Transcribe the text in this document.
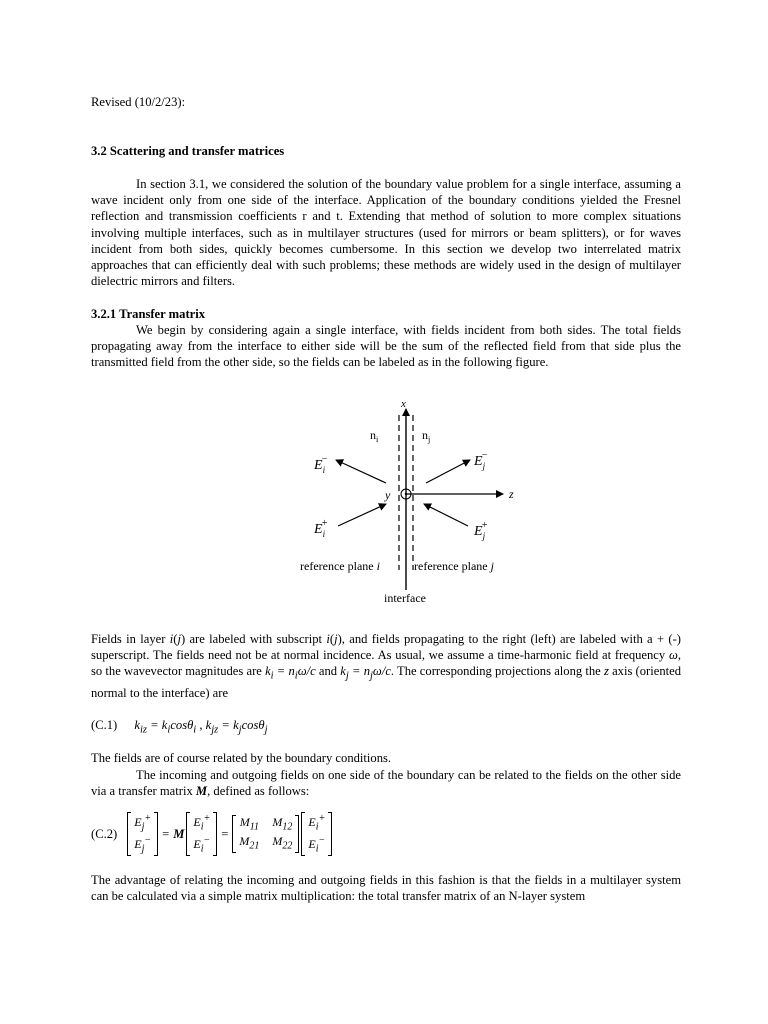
Revised (10/2/23):

3.2 Scattering and transfer matrices

In section 3.1, we considered the solution of the boundary value problem for a single interface, assuming a wave incident only from one side of the interface. Application of the boundary conditions yielded the Fresnel reflection and transmission coefficients r and t. Extending that method of solution to more complex situations involving multiple interfaces, such as in multilayer structures (used for mirrors or beam splitters), or for waves incident from both sides, quickly becomes cumbersome. In this section we develop two interrelated matrix approaches that can efficiently deal with such problems; these methods are widely used in the design of multilayer dielectric mirrors and filters.

3.2.1 Transfer matrix

We begin by considering again a single interface, with fields incident from both sides. The total fields propagating away from the interface to either side will be the sum of the reflected field from that side plus the transmitted field from the other side, so the fields can be labeled as in the following figure.

Fields in layer i(j) are labeled with subscript i(j), and fields propagating to the right (left) are labeled with a + (-) superscript. The fields need not be at normal incidence. As usual, we assume a time-harmonic field at frequency ω, so the wavevector magnitudes are $k_i = n_i\omega/c$ and $k_j = n_j\omega/c$. The corresponding projections along the z axis (oriented normal to the interface) are

(C.1) $k_{iz} = k_i\cos\theta_i$ , $k_{jz} = k_j\cos\theta_j$

The fields are of course related by the boundary conditions.

The incoming and outgoing fields on one side of the boundary can be related to the fields on the other side via a transfer matrix M, defined as follows:

(C.2)
$E_j^+$
$E_j^- = M$
$E_i^+$
$E_i^-$ =
$M_{11}$	$M_{12}$
$M_{21}$	$M_{22}$
$E_i^+$
$E_i^-$

The advantage of relating the incoming and outgoing fields in this fashion is that the fields in a multilayer system can be calculated via a simple matrix multiplication: the total transfer matrix of an N-layer system

x
z
y
$n_i$	$n_j$
$E_i-$	$E_j-$
$E_i+$
$E_j+$
reference plane i	reference plane j
interface
